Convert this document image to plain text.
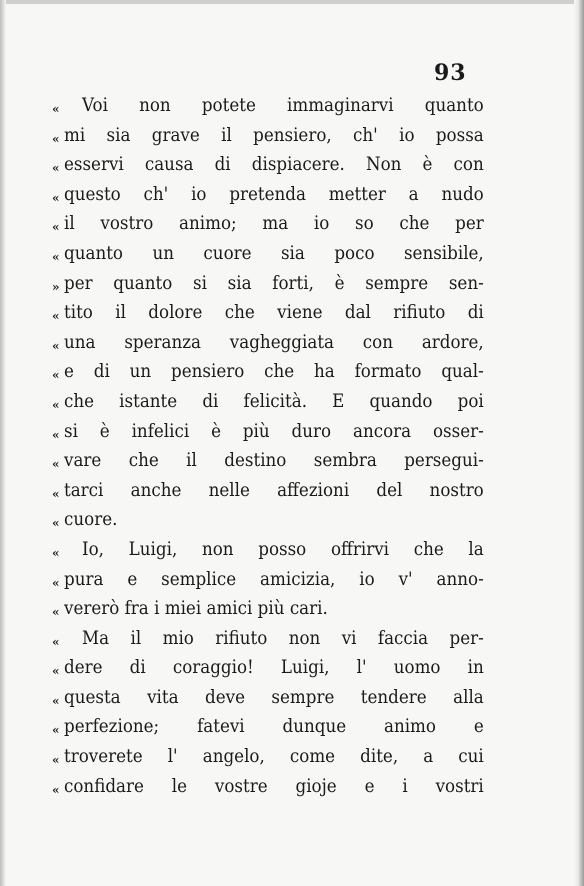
93
« Voi non potete immaginarvi quanto
« mi sia grave il pensiero, ch' io possa
« esservi causa di dispiacere. Non è con
« questo ch' io pretenda metter a nudo
« il vostro animo; ma io so che per
« quanto un cuore sia poco sensibile,
» per quanto si sia forti, è sempre sen-
« tito il dolore che viene dal rifiuto di
« una speranza vagheggiata con ardore,
« e di un pensiero che ha formato qual-
« che istante di felicità. E quando poi
« si è infelici è più duro ancora osser-
« vare che il destino sembra persegui-
« tarci anche nelle affezioni del nostro
« cuore.
« Io, Luigi, non posso offrirvi che la
« pura e semplice amicizia, io v' anno-
« vererò fra i miei amici più cari.
« Ma il mio rifiuto non vi faccia per-
« dere di coraggio! Luigi, l' uomo in
« questa vita deve sempre tendere alla
« perfezione; fatevi dunque animo e
« troverete l' angelo, come dite, a cui
« confidare le vostre gioje e i vostri
